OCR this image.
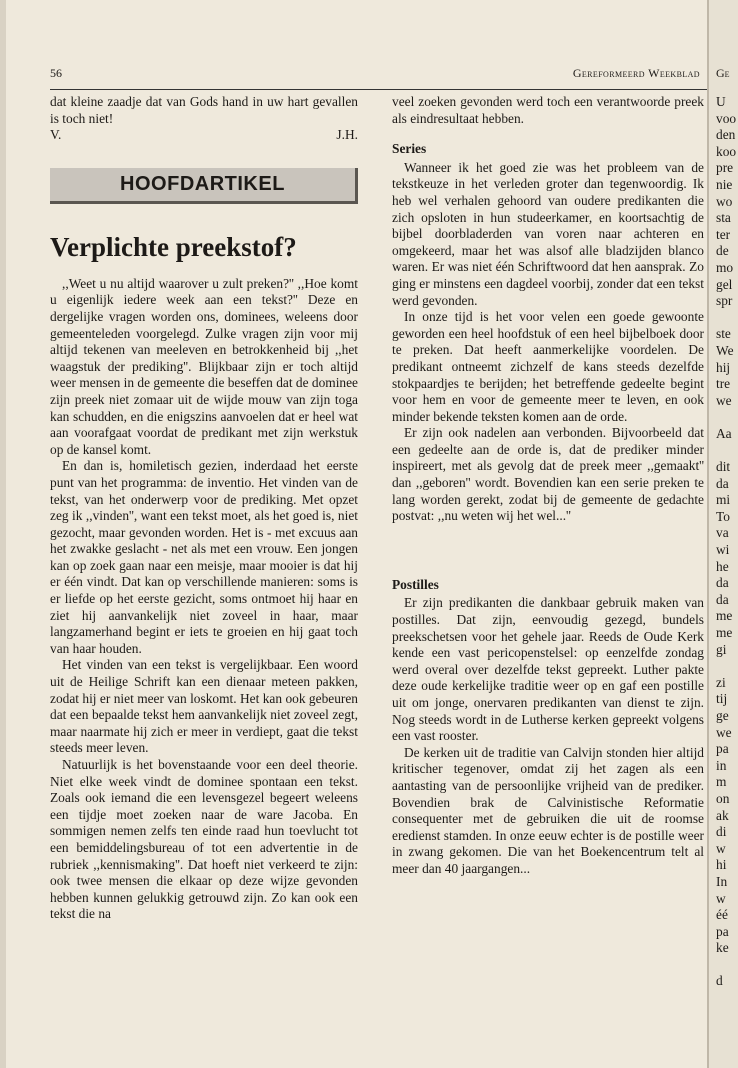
56	Gereformeerd Weekblad Ge

dat kleine zaadje dat van Gods hand in uw hart gevallen is toch niet!

V.	J.H.
HOOFDARTIKEL
Verplichte preekstof?

,,Weet u nu altijd waarover u zult preken?'' ,,Hoe komt u eigenlijk iedere week aan een tekst?'' Deze en dergelijke vragen worden ons, dominees, weleens door gemeenteleden voorgelegd. Zulke vragen zijn voor mij altijd tekenen van meeleven en betrokkenheid bij ,,het waagstuk der prediking''. Blijkbaar zijn er toch altijd weer mensen in de gemeente die beseffen dat de dominee zijn preek niet zomaar uit de wijde mouw van zijn toga kan schudden, en die enigszins aanvoelen dat er heel wat aan voorafgaat voordat de predikant met zijn werkstuk op de kansel komt.

En dan is, homiletisch gezien, inderdaad het eerste punt van het programma: de inventio. Het vinden van de tekst, van het onderwerp voor de prediking. Met opzet zeg ik ,,vinden'', want een tekst moet, als het goed is, niet gezocht, maar gevonden worden. Het is - met excuus aan het zwakke geslacht - net als met een vrouw. Een jongen kan op zoek gaan naar een meisje, maar mooier is dat hij er één vindt. Dat kan op verschillende manieren: soms is er liefde op het eerste gezicht, soms ontmoet hij haar en ziet hij aanvankelijk niet zoveel in haar, maar langzamerhand begint er iets te groeien en hij gaat toch van haar houden.

Het vinden van een tekst is vergelijkbaar. Een woord uit de Heilige Schrift kan een dienaar meteen pakken, zodat hij er niet meer van loskomt. Het kan ook gebeuren dat een bepaalde tekst hem aanvankelijk niet zoveel zegt, maar naarmate hij zich er meer in verdiept, gaat die tekst steeds meer leven.

Natuurlijk is het bovenstaande voor een deel theorie. Niet elke week vindt de dominee spontaan een tekst. Zoals ook iemand die een levensgezel begeert weleens een tijdje moet zoeken naar de ware Jacoba. En sommigen nemen zelfs ten einde raad hun toevlucht tot een bemiddelingsbureau of tot een advertentie in de rubriek ,,kennismaking''. Dat hoeft niet verkeerd te zijn: ook twee mensen die elkaar op deze wijze gevonden hebben kunnen gelukkig getrouwd zijn. Zo kan ook een tekst die na

veel zoeken gevonden werd toch een verantwoorde preek als eindresultaat hebben.

Series

Wanneer ik het goed zie was het probleem van de tekstkeuze in het verleden groter dan tegenwoordig. Ik heb wel verhalen gehoord van oudere predikanten die zich opsloten in hun studeerkamer, en koortsachtig de bijbel doorbladerden van voren naar achteren en omgekeerd, maar het was alsof alle bladzijden blanco waren. Er was niet één Schriftwoord dat hen aansprak. Zo ging er minstens een dagdeel voorbij, zonder dat een tekst werd gevonden.

In onze tijd is het voor velen een goede gewoonte geworden een heel hoofdstuk of een heel bijbelboek door te preken. Dat heeft aanmerkelijke voordelen. De predikant ontneemt zichzelf de kans steeds dezelfde stokpaardjes te berijden; het betreffende gedeelte begint voor hem en voor de gemeente meer te leven, en ook minder bekende teksten komen aan de orde.

Er zijn ook nadelen aan verbonden. Bijvoorbeeld dat een gedeelte aan de orde is, dat de prediker minder inspireert, met als gevolg dat de preek meer ,,gemaakt'' dan ,,geboren'' wordt. Bovendien kan een serie preken te lang worden gerekt, zodat bij de gemeente de gedachte postvat: ,,nu weten wij het wel...''

Postilles

Er zijn predikanten die dankbaar gebruik maken van postilles. Dat zijn, eenvoudig gezegd, bundels preekschetsen voor het gehele jaar. Reeds de Oude Kerk kende een vast pericopenstelsel: op eenzelfde zondag werd overal over dezelfde tekst gepreekt. Luther pakte deze oude kerkelijke traditie weer op en gaf een postille uit om jonge, onervaren predikanten van dienst te zijn. Nog steeds wordt in de Lutherse kerken gepreekt volgens een vast rooster.

De kerken uit de traditie van Calvijn stonden hier altijd kritischer tegenover, omdat zij het zagen als een aantasting van de persoonlijke vrijheid van de prediker. Bovendien brak de Calvinistische Reformatie consequenter met de gebruiken die uit de roomse eredienst stamden. In onze eeuw echter is de postille weer in zwang gekomen. Die van het Boekencentrum telt al meer dan 40 jaargangen...

U
voo
den
koo
pre
nie
wo
sta
ter
de
mo
gel
spr

ste
We
hij
tre
we

Aa

dit
da
mi
To
va
wi
he
da
da
me
me
gi

zi
tij
ge
we
pa
in
m
on
ak
di
w
hi
In
w
éé
pa
ke

d
